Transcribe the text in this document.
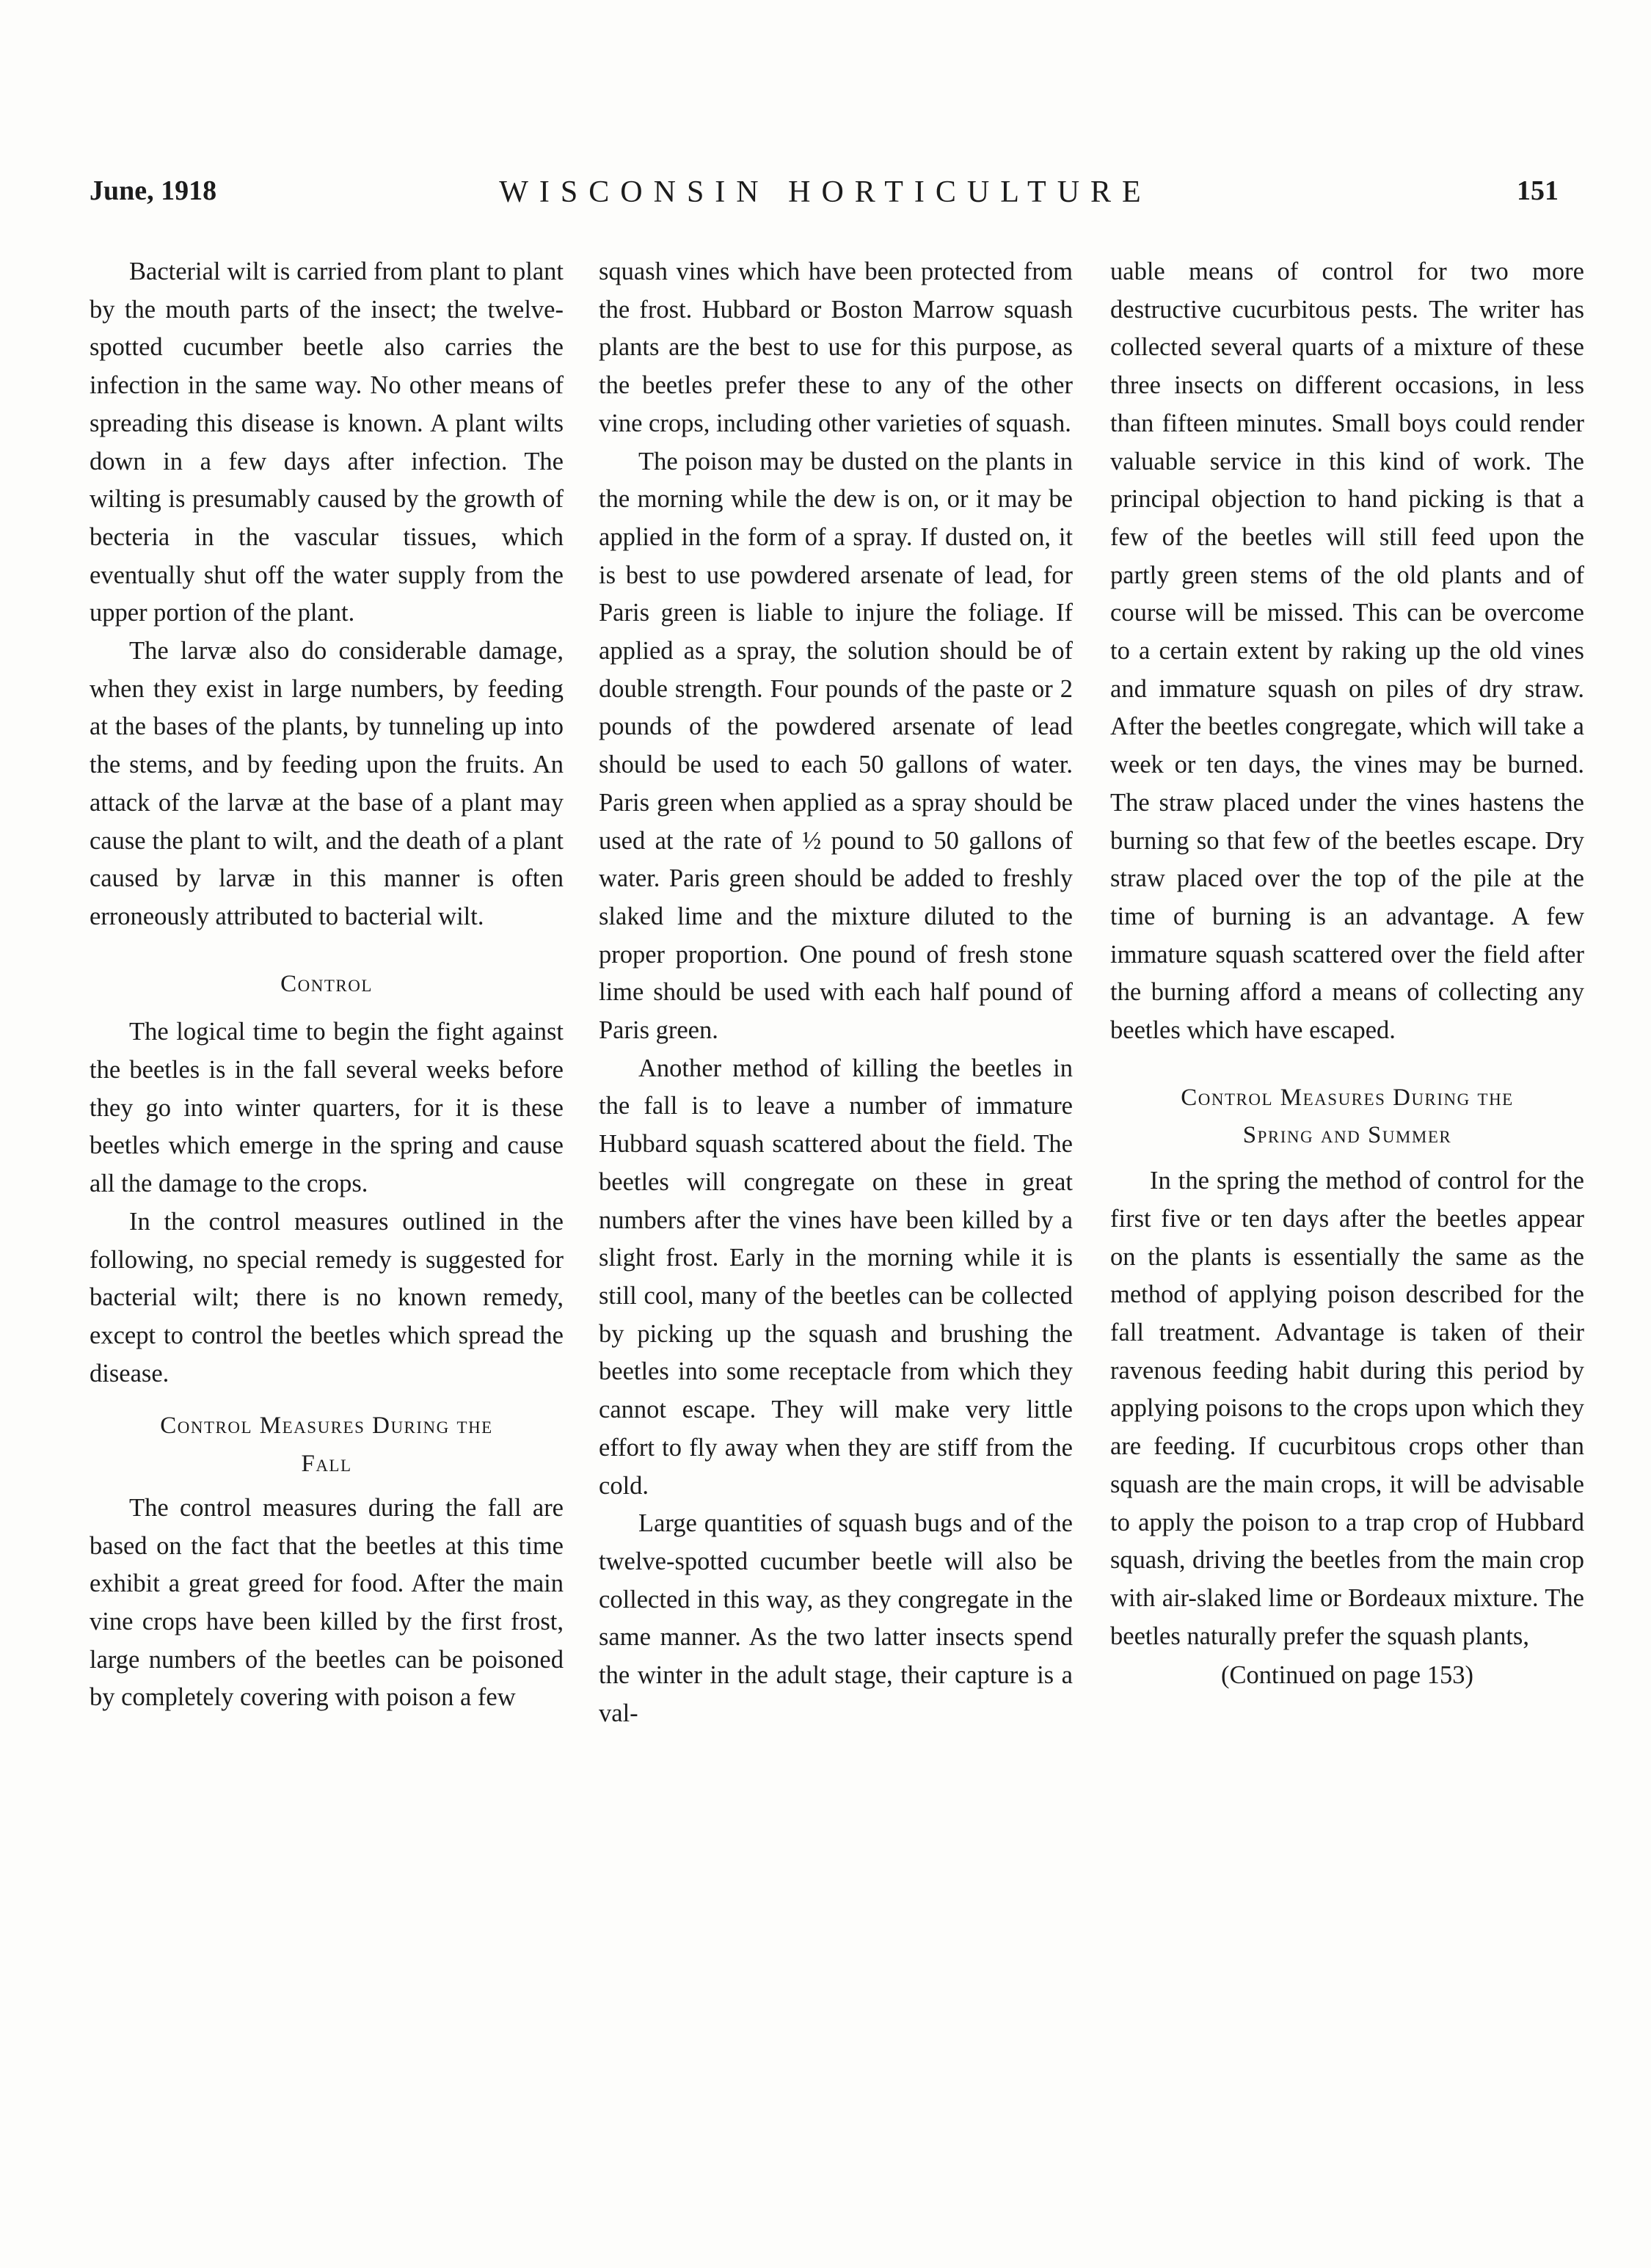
June, 1918	WISCONSIN HORTICULTURE	151

Bacterial wilt is carried from plant to plant by the mouth parts of the insect; the twelve-spotted cucumber beetle also carries the infection in the same way. No other means of spreading this disease is known. A plant wilts down in a few days after infection. The wilting is presumably caused by the growth of becteria in the vascular tissues, which eventually shut off the water supply from the upper portion of the plant.

The larvæ also do considerable damage, when they exist in large numbers, by feeding at the bases of the plants, by tunneling up into the stems, and by feeding upon the fruits. An attack of the larvæ at the base of a plant may cause the plant to wilt, and the death of a plant caused by larvæ in this manner is often erroneously attributed to bacterial wilt.

Control

The logical time to begin the fight against the beetles is in the fall several weeks before they go into winter quarters, for it is these beetles which emerge in the spring and cause all the damage to the crops.

In the control measures outlined in the following, no special remedy is suggested for bacterial wilt; there is no known remedy, except to control the beetles which spread the disease.

Control Measures During the
Fall

The control measures during the fall are based on the fact that the beetles at this time exhibit a great greed for food. After the main vine crops have been killed by the first frost, large numbers of the beetles can be poisoned by completely covering with poison a few

squash vines which have been protected from the frost. Hubbard or Boston Marrow squash plants are the best to use for this purpose, as the beetles prefer these to any of the other vine crops, including other varieties of squash.

The poison may be dusted on the plants in the morning while the dew is on, or it may be applied in the form of a spray. If dusted on, it is best to use powdered arsenate of lead, for Paris green is liable to injure the foliage. If applied as a spray, the solution should be of double strength. Four pounds of the paste or 2 pounds of the powdered arsenate of lead should be used to each 50 gallons of water. Paris green when applied as a spray should be used at the rate of ½ pound to 50 gallons of water. Paris green should be added to freshly slaked lime and the mixture diluted to the proper proportion. One pound of fresh stone lime should be used with each half pound of Paris green.

Another method of killing the beetles in the fall is to leave a number of immature Hubbard squash scattered about the field. The beetles will congregate on these in great numbers after the vines have been killed by a slight frost. Early in the morning while it is still cool, many of the beetles can be collected by picking up the squash and brushing the beetles into some receptacle from which they cannot escape. They will make very little effort to fly away when they are stiff from the cold.

Large quantities of squash bugs and of the twelve-spotted cucumber beetle will also be collected in this way, as they congregate in the same manner. As the two latter insects spend the winter in the adult stage, their capture is a val-

uable means of control for two more destructive cucurbitous pests. The writer has collected several quarts of a mixture of these three insects on different occasions, in less than fifteen minutes. Small boys could render valuable service in this kind of work. The principal objection to hand picking is that a few of the beetles will still feed upon the partly green stems of the old plants and of course will be missed. This can be overcome to a certain extent by raking up the old vines and immature squash on piles of dry straw. After the beetles congregate, which will take a week or ten days, the vines may be burned. The straw placed under the vines hastens the burning so that few of the beetles escape. Dry straw placed over the top of the pile at the time of burning is an advantage. A few immature squash scattered over the field after the burning afford a means of collecting any beetles which have escaped.

Control Measures During the
Spring and Summer

In the spring the method of control for the first five or ten days after the beetles appear on the plants is essentially the same as the method of applying poison described for the fall treatment. Advantage is taken of their ravenous feeding habit during this period by applying poisons to the crops upon which they are feeding. If cucurbitous crops other than squash are the main crops, it will be advisable to apply the poison to a trap crop of Hubbard squash, driving the beetles from the main crop with air-slaked lime or Bordeaux mixture. The beetles naturally prefer the squash plants,

(Continued on page 153)
